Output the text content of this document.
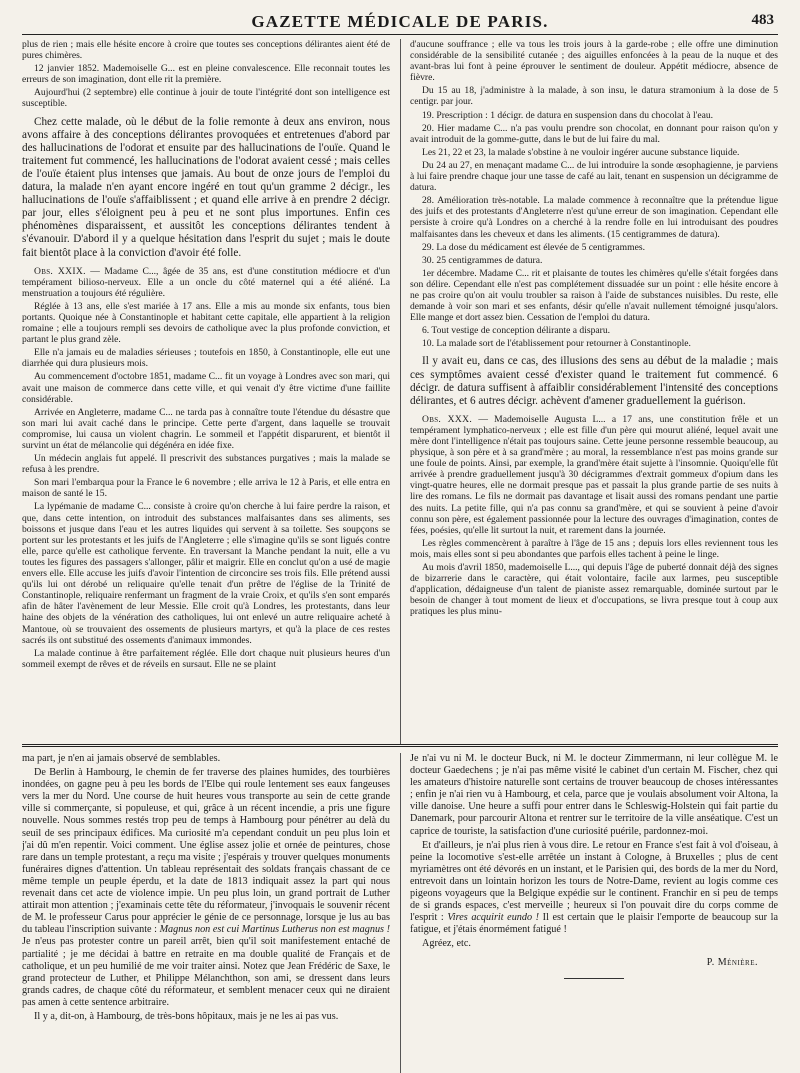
GAZETTE MÉDICALE DE PARIS.	483

plus de rien ; mais elle hésite encore à croire que toutes ses conceptions délirantes aient été de pures chimères.

12 janvier 1852. Mademoiselle G... est en pleine convalescence. Elle reconnait toutes les erreurs de son imagination, dont elle rit la première.

Aujourd'hui (2 septembre) elle continue à jouir de toute l'intégrité dont son intelligence est susceptible.

Chez cette malade, où le début de la folie remonte à deux ans environ, nous avons affaire à des conceptions délirantes provoquées et entretenues d'abord par des hallucinations de l'odorat et ensuite par des hallucinations de l'ouïe. Quand le traitement fut commencé, les hallucinations de l'odorat avaient cessé ; mais celles de l'ouïe étaient plus intenses que jamais. Au bout de onze jours de l'emploi du datura, la malade n'en ayant encore ingéré en tout qu'un gramme 2 décigr., les hallucinations de l'ouïe s'affaiblissent ; et quand elle arrive à en prendre 2 décigr. par jour, elles s'éloignent peu à peu et ne sont plus importunes. Enfin ces phénomènes disparaissent, et aussitôt les conceptions délirantes tendent à s'évanouir. D'abord il y a quelque hésitation dans l'esprit du sujet ; mais le doute fait bientôt place à la conviction d'avoir été folle.

Obs. XXIX. — Madame C..., âgée de 35 ans, est d'une constitution médiocre et d'un tempérament bilioso-nerveux. Elle a un oncle du côté maternel qui a été aliéné. La menstruation a toujours été régulière.

Réglée à 13 ans, elle s'est mariée à 17 ans. Elle a mis au monde six enfants, tous bien portants. Quoique née à Constantinople et habitant cette capitale, elle appartient à la religion romaine ; elle a toujours rempli ses devoirs de catholique avec la plus profonde conviction, et partant le plus grand zèle.

Elle n'a jamais eu de maladies sérieuses ; toutefois en 1850, à Constantinople, elle eut une diarrhée qui dura plusieurs mois.

Au commencement d'octobre 1851, madame C... fit un voyage à Londres avec son mari, qui avait une maison de commerce dans cette ville, et qui venait d'y être victime d'une faillite considérable.

Arrivée en Angleterre, madame C... ne tarda pas à connaître toute l'étendue du désastre que son mari lui avait caché dans le principe. Cette perte d'argent, dans laquelle se trouvait compromise, lui causa un violent chagrin. Le sommeil et l'appétit disparurent, et bientôt il survint un état de mélancolie qui dégénéra en idée fixe.

Un médecin anglais fut appelé. Il prescrivit des substances purgatives ; mais la malade se refusa à les prendre.

Son mari l'embarqua pour la France le 6 novembre ; elle arriva le 12 à Paris, et elle entra en maison de santé le 15.

La lypémanie de madame C... consiste à croire qu'on cherche à lui faire perdre la raison, et que, dans cette intention, on introduit des substances malfaisantes dans ses aliments, ses boissons et jusque dans l'eau et les autres liquides qui servent à sa toilette. Ses soupçons se portent sur les protestants et les juifs de l'Angleterre ; elle s'imagine qu'ils se sont ligués contre elle, parce qu'elle est catholique fervente. En traversant la Manche pendant la nuit, elle a vu toutes les figures des passagers s'allonger, pâlir et maigrir. Elle en conclut qu'on a usé de magie envers elle. Elle accuse les juifs d'avoir l'intention de circoncire ses trois fils. Elle prétend aussi qu'ils lui ont dérobé un reliquaire qu'elle tenait d'un prêtre de l'église de la Trinité de Constantinople, reliquaire renfermant un fragment de la vraie Croix, et qu'ils s'en sont emparés afin de hâter l'avènement de leur Messie. Elle croit qu'à Londres, les protestants, dans leur haine des objets de la vénération des catholiques, lui ont enlevé un autre reliquaire acheté à Mantoue, où se trouvaient des ossements de plusieurs martyrs, et qu'à la place de ces restes sacrés ils ont substitué des ossements d'animaux immondes.

La malade continue à être parfaitement réglée. Elle dort chaque nuit plusieurs heures d'un sommeil exempt de rêves et de réveils en sursaut. Elle ne se plaint

d'aucune souffrance ; elle va tous les trois jours à la garde-robe ; elle offre une diminution considérable de la sensibilité cutanée ; des aiguilles enfoncées à la peau de la nuque et des avant-bras lui font à peine éprouver le sentiment de douleur. Appétit médiocre, absence de fièvre.

Du 15 au 18, j'administre à la malade, à son insu, le datura stramonium à la dose de 5 centigr. par jour.

19. Prescription : 1 décigr. de datura en suspension dans du chocolat à l'eau.

20. Hier madame C... n'a pas voulu prendre son chocolat, en donnant pour raison qu'on y avait introduit de la gomme-gutte, dans le but de lui faire du mal.

Les 21, 22 et 23, la malade s'obstine à ne vouloir ingérer aucune substance liquide.

Du 24 au 27, en menaçant madame C... de lui introduire la sonde œsophagienne, je parviens à lui faire prendre chaque jour une tasse de café au lait, tenant en suspension un décigramme de datura.

28. Amélioration très-notable. La malade commence à reconnaître que la prétendue ligue des juifs et des protestants d'Angleterre n'est qu'une erreur de son imagination. Cependant elle persiste à croire qu'à Londres on a cherché à la rendre folle en lui introduisant des poudres malfaisantes dans les cheveux et dans les aliments. (15 centigrammes de datura).

29. La dose du médicament est élevée de 5 centigrammes.

30. 25 centigrammes de datura.

1er décembre. Madame C... rit et plaisante de toutes les chimères qu'elle s'était forgées dans son délire. Cependant elle n'est pas complétement dissuadée sur un point : elle hésite encore à ne pas croire qu'on ait voulu troubler sa raison à l'aide de substances nuisibles. Du reste, elle demande à voir son mari et ses enfants, désir qu'elle n'avait nullement témoigné jusqu'alors. Elle mange et dort assez bien. Cessation de l'emploi du datura.

6. Tout vestige de conception délirante a disparu.

10. La malade sort de l'établissement pour retourner à Constantinople.

Il y avait eu, dans ce cas, des illusions des sens au début de la maladie ; mais ces symptômes avaient cessé d'exister quand le traitement fut commencé. 6 décigr. de datura suffisent à affaiblir considérablement l'intensité des conceptions délirantes, et 6 autres décigr. achèvent d'amener graduellement la guérison.

Obs. XXX. — Mademoiselle Augusta L... a 17 ans, une constitution frêle et un tempérament lymphatico-nerveux ; elle est fille d'un père qui mourut aliéné, lequel avait une mère dont l'intelligence n'était pas toujours saine. Cette jeune personne ressemble beaucoup, au physique, à son père et à sa grand'mère ; au moral, la ressemblance n'est pas moins grande sur une foule de points. Ainsi, par exemple, la grand'mère était sujette à l'insomnie. Quoiqu'elle fût arrivée à prendre graduellement jusqu'à 30 décigrammes d'extrait gommeux d'opium dans les vingt-quatre heures, elle ne dormait presque pas et passait la plus grande partie de ses nuits à lire des romans. Le fils ne dormait pas davantage et lisait aussi des romans pendant une partie des nuits. La petite fille, qui n'a pas connu sa grand'mère, et qui se souvient à peine d'avoir connu son père, est également passionnée pour la lecture des ouvrages d'imagination, contes de fées, poésies, qu'elle lit surtout la nuit, et rarement dans la journée.

Les règles commencèrent à paraître à l'âge de 15 ans ; depuis lors elles reviennent tous les mois, mais elles sont si peu abondantes que parfois elles tachent à peine le linge.

Au mois d'avril 1850, mademoiselle L..., qui depuis l'âge de puberté donnait déjà des signes de bizarrerie dans le caractère, qui était volontaire, facile aux larmes, peu susceptible d'application, dédaigneuse d'un talent de pianiste assez remarquable, dominée surtout par le besoin de changer à tout moment de lieux et d'occupations, se livra presque tout à coup aux pratiques les plus minu-

ma part, je n'en ai jamais observé de semblables.

De Berlin à Hambourg, le chemin de fer traverse des plaines humides, des tourbières inondées, on gagne peu à peu les bords de l'Elbe qui roule lentement ses eaux fangeuses vers la mer du Nord. Une course de huit heures vous transporte au sein de cette grande ville si commerçante, si populeuse, et qui, grâce à un récent incendie, a pris une figure nouvelle. Nous sommes restés trop peu de temps à Hambourg pour pénétrer au delà du seuil de ses principaux édifices. Ma curiosité m'a cependant conduit un peu plus loin et j'ai dû m'en repentir. Voici comment. Une église assez jolie et ornée de peintures, chose rare dans un temple protestant, a reçu ma visite ; j'espérais y trouver quelques monuments funéraires dignes d'attention. Un tableau représentait des soldats français chassant de ce même temple un peuple éperdu, et la date de 1813 indiquait assez la part qui nous revenait dans cet acte de violence impie. Un peu plus loin, un grand portrait de Luther attirait mon attention ; j'examinais cette tête du réformateur, j'invoquais le souvenir récent de M. le professeur Carus pour apprécier le génie de ce personnage, lorsque je lus au bas du tableau l'inscription suivante : Magnus non est cui Martinus Lutherus non est magnus ! Je n'eus pas protester contre un pareil arrêt, bien qu'il soit manifestement entaché de partialité ; je me décidai à battre en retraite en ma double qualité de Français et de catholique, et un peu humilié de me voir traiter ainsi. Notez que Jean Frédéric de Saxe, le grand protecteur de Luther, et Philippe Mélanchthon, son ami, se dressent dans leurs grands cadres, de chaque côté du réformateur, et semblent menacer ceux qui ne diraient pas amen à cette sentence arbitraire.

Il y a, dit-on, à Hambourg, de très-bons hôpitaux, mais je ne les ai pas vus.

Je n'ai vu ni M. le docteur Buck, ni M. le docteur Zimmermann, ni leur collègue M. le docteur Gaedechens ; je n'ai pas même visité le cabinet d'un certain M. Fischer, chez qui les amateurs d'histoire naturelle sont certains de trouver beaucoup de choses intéressantes ; enfin je n'ai rien vu à Hambourg, et cela, parce que je voulais absolument voir Altona, la ville danoise. Une heure a suffi pour entrer dans le Schleswig-Holstein qui fait partie du Danemark, pour parcourir Altona et rentrer sur le territoire de la ville anséatique. C'est un caprice de touriste, la satisfaction d'une curiosité puérile, pardonnez-moi.

Et d'ailleurs, je n'ai plus rien à vous dire. Le retour en France s'est fait à vol d'oiseau, à peine la locomotive s'est-elle arrêtée un instant à Cologne, à Bruxelles ; plus de cent myriamètres ont été dévorés en un instant, et le Parisien qui, des bords de la mer du Nord, entrevoit dans un lointain horizon les tours de Notre-Dame, revient au logis comme ces pigeons voyageurs que la Belgique expédie sur le continent. Franchir en si peu de temps de si grands espaces, c'est merveille ; heureux si l'on pouvait dire du corps comme de l'esprit : Vires acquirit eundo ! Il est certain que le plaisir l'emporte de beaucoup sur la fatigue, et j'étais énormément fatigué !

Agréez, etc.

P. Ménière.
